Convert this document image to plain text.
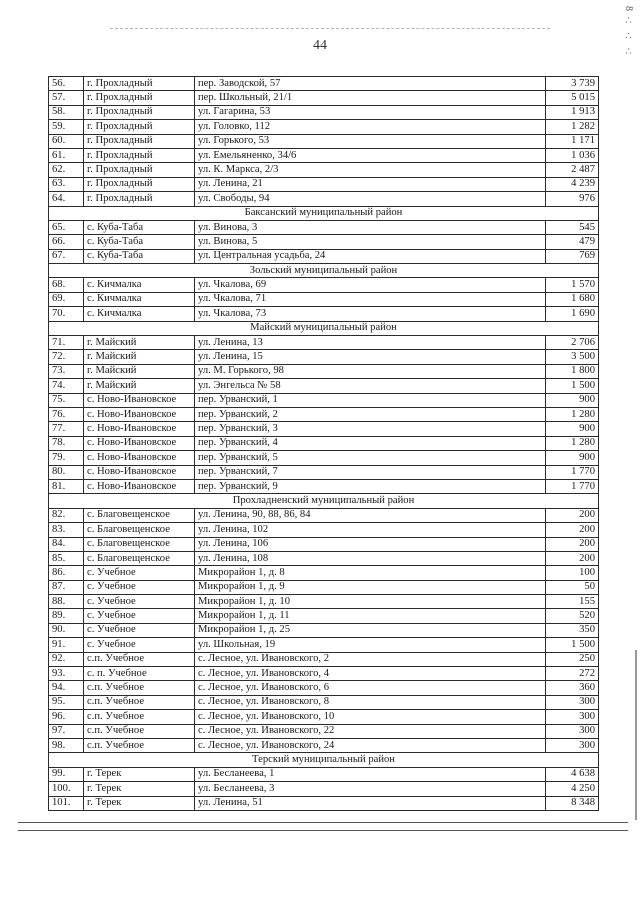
8 ∴ ∴ ∴
44
56.	г. Прохладный	пер. Заводской, 57	3 739
57.	г. Прохладный	пер. Школьный, 21/1	5 015
58.	г. Прохладный	ул. Гагарина, 53	1 913
59.	г. Прохладный	ул. Головко, 112	1 282
60.	г. Прохладный	ул. Горького, 53	1 171
61.	г. Прохладный	ул. Емельяненко, 34/6	1 036
62.	г. Прохладный	ул. К. Маркса, 2/3	2 487
63.	г. Прохладный	ул. Ленина, 21	4 239
64.	г. Прохладный	ул. Свободы, 94	976
Баксанский муниципальный район			
65.	с. Куба-Таба	ул. Винова, 3	545
66.	с. Куба-Таба	ул. Винова, 5	479
67.	с. Куба-Таба	ул. Центральная усадьба, 24	769
Зольский муниципальный район			
68.	с. Кичмалка	ул. Чкалова, 69	1 570
69.	с. Кичмалка	ул. Чкалова, 71	1 680
70.	с. Кичмалка	ул. Чкалова, 73	1 690
Майский муниципальный район			
71.	г. Майский	ул. Ленина, 13	2 706
72.	г. Майский	ул. Ленина, 15	3 500
73.	г. Майский	ул. М. Горького, 98	1 800
74.	г. Майский	ул. Энгельса № 58	1 500
75.	с. Ново-Ивановское	пер. Урванский, 1	900
76.	с. Ново-Ивановское	пер. Урванский, 2	1 280
77.	с. Ново-Ивановское	пер. Урванский, 3	900
78.	с. Ново-Ивановское	пер. Урванский, 4	1 280
79.	с. Ново-Ивановское	пер. Урванский, 5	900
80.	с. Ново-Ивановское	пер. Урванский, 7	1 770
81.	с. Ново-Ивановское	пер. Урванский, 9	1 770
Прохладненский муниципальный район			
82.	с. Благовещенское	ул. Ленина, 90, 88, 86, 84	200
83.	с. Благовещенское	ул. Ленина, 102	200
84.	с. Благовещенское	ул. Ленина, 106	200
85.	с. Благовещенское	ул. Ленина, 108	200
86.	с. Учебное	Микрорайон 1, д. 8	100
87.	с. Учебное	Микрорайон 1, д. 9	50
88.	с. Учебное	Микрорайон 1, д. 10	155
89.	с. Учебное	Микрорайон 1, д. 11	520
90.	с. Учебное	Микрорайон 1, д. 25	350
91.	с. Учебное	ул. Школьная, 19	1 500
92.	с.п. Учебное	с. Лесное, ул. Ивановского, 2	250
93.	с. п. Учебное	с. Лесное, ул. Ивановского, 4	272
94.	с.п. Учебное	с. Лесное, ул. Ивановского, 6	360
95.	с.п. Учебное	с. Лесное, ул. Ивановского, 8	300
96.	с.п. Учебное	с. Лесное, ул. Ивановского, 10	300
97.	с.п. Учебное	с. Лесное, ул. Ивановского, 22	300
98.	с.п. Учебное	с. Лесное, ул. Ивановского, 24	300
Терский муниципальный район			
99.	г. Терек	ул. Бесланеева, 1	4 638
100.	г. Терек	ул. Бесланеева, 3	4 250
101.	г. Терек	ул. Ленина, 51	8 348
